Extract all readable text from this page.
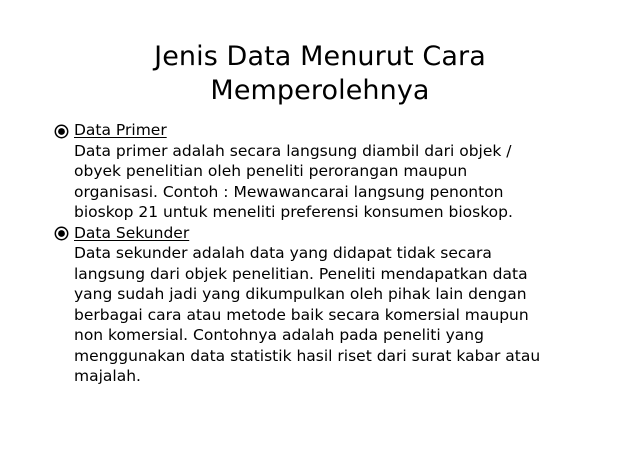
Jenis Data Menurut Cara
Memperolehnya
Data Primer
Data primer adalah secara langsung diambil dari objek /
obyek penelitian oleh peneliti perorangan maupun
organisasi. Contoh : Mewawancarai langsung penonton
bioskop 21 untuk meneliti preferensi konsumen bioskop.
Data Sekunder
Data sekunder adalah data yang didapat tidak secara
langsung dari objek penelitian. Peneliti mendapatkan data
yang sudah jadi yang dikumpulkan oleh pihak lain dengan
berbagai cara atau metode baik secara komersial maupun
non komersial. Contohnya adalah pada peneliti yang
menggunakan data statistik hasil riset dari surat kabar atau
majalah.
